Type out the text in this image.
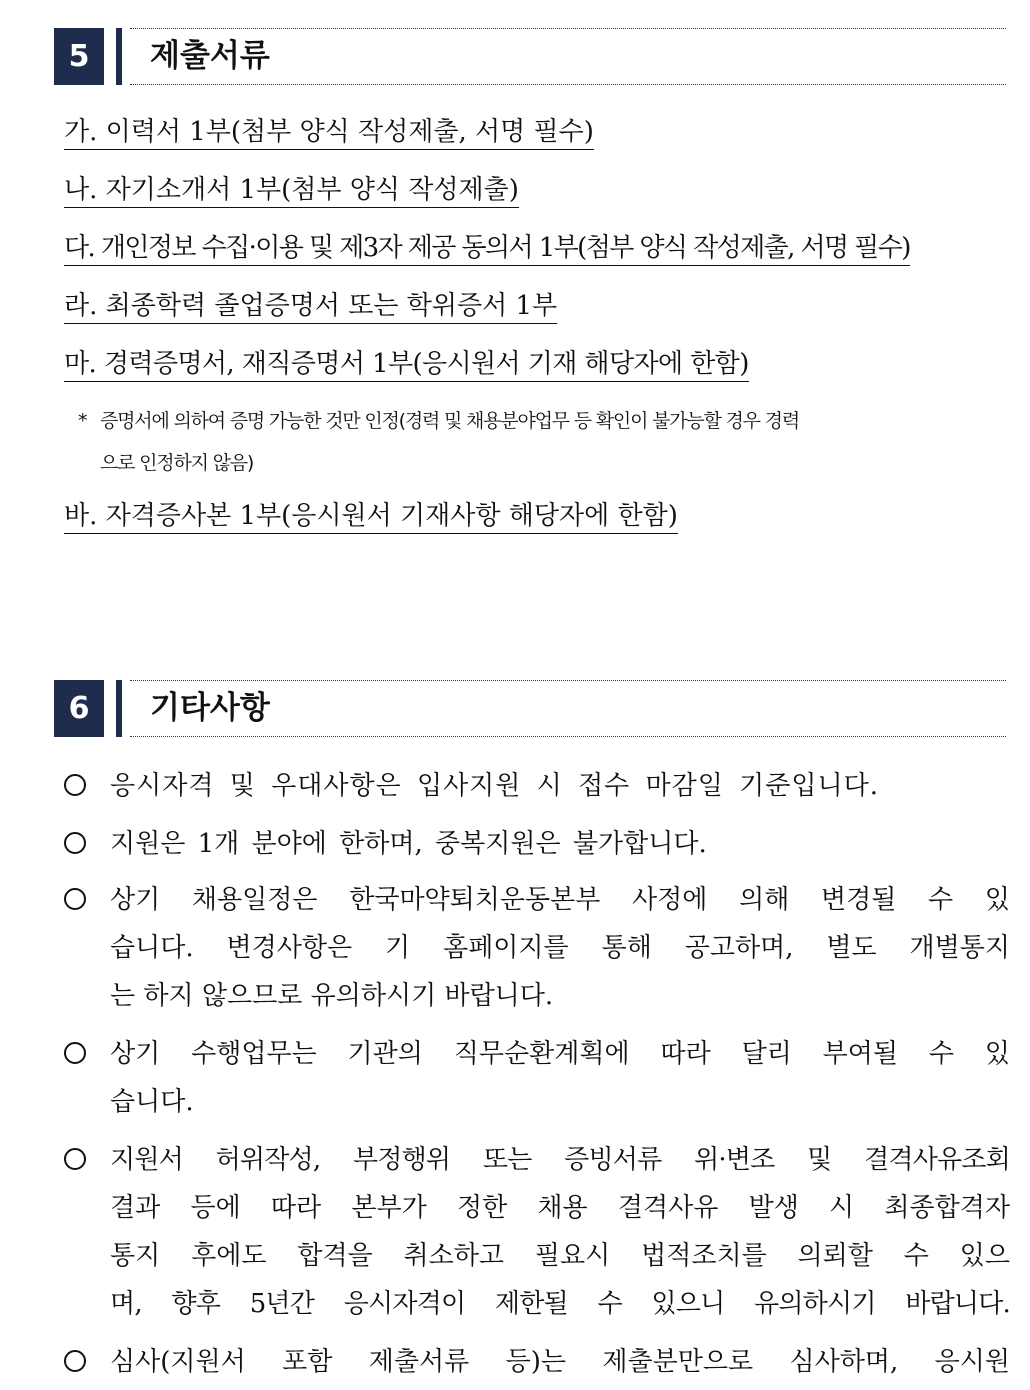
5	제출서류
가. 이력서 1부(첨부 양식 작성제출, 서명 필수)
나. 자기소개서 1부(첨부 양식 작성제출)
다. 개인정보 수집·이용 및 제3자 제공 동의서 1부(첨부 양식 작성제출, 서명 필수)
라. 최종학력 졸업증명서 또는 학위증서 1부
마. 경력증명서, 재직증명서 1부(응시원서 기재 해당자에 한함)
* 증명서에 의하여 증명 가능한 것만 인정(경력 및 채용분야업무 등 확인이 불가능할 경우 경력
으로 인정하지 않음)
바. 자격증사본 1부(응시원서 기재사항 해당자에 한함)
6	기타사항
응시자격 및 우대사항은 입사지원 시 접수 마감일 기준입니다.
지원은 1개 분야에 한하며, 중복지원은 불가합니다.
상기 채용일정은 한국마약퇴치운동본부 사정에 의해 변경될 수 있
습니다. 변경사항은 기 홈페이지를 통해 공고하며, 별도 개별통지
는 하지 않으므로 유의하시기 바랍니다.
상기 수행업무는 기관의 직무순환계획에 따라 달리 부여될 수 있
습니다.
지원서 허위작성, 부정행위 또는 증빙서류 위·변조 및 결격사유조회
결과 등에 따라 본부가 정한 채용 결격사유 발생 시 최종합격자
통지 후에도 합격을 취소하고 필요시 법적조치를 의뢰할 수 있으
며, 향후 5년간 응시자격이 제한될 수 있으니 유의하시기 바랍니다.
심사(지원서 포함 제출서류 등)는 제출분만으로 심사하며, 응시원
